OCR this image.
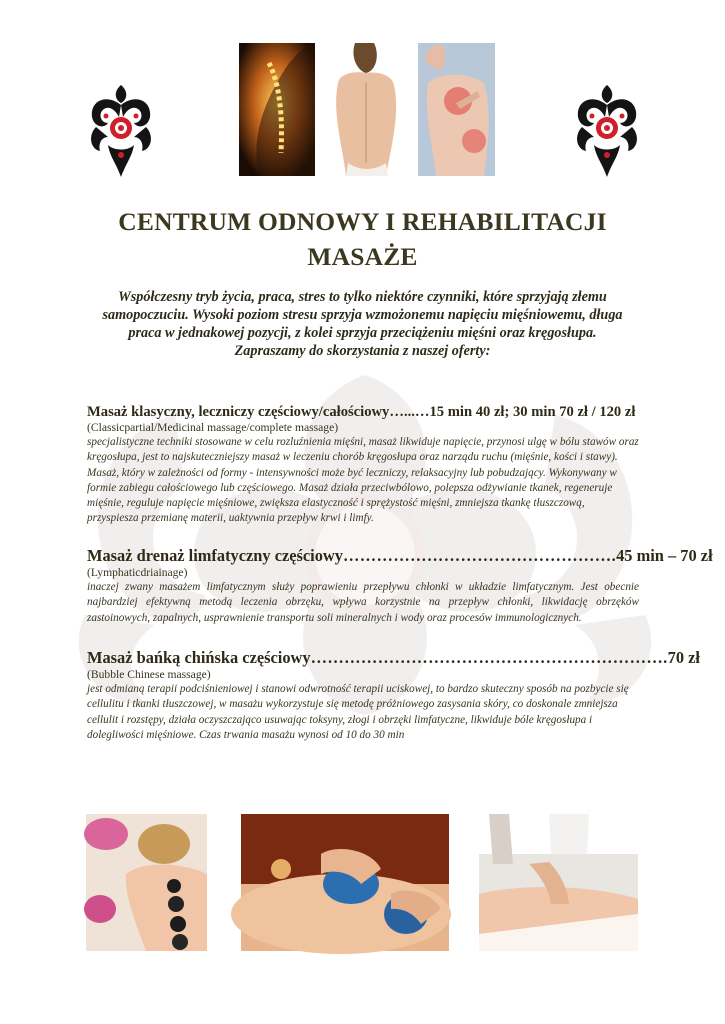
CENTRUM ODNOWY I REHABILITACJI
MASAŻE
Współczesny tryb życia, praca, stres to tylko niektóre czynniki, które sprzyjają złemu samopoczuciu. Wysoki poziom stresu sprzyja wzmożonemu napięciu mięśniowemu, długa praca w jednakowej pozycji, z kolei sprzyja przeciążeniu mięśni oraz kręgosłupa. Zapraszamy do skorzystania z naszej oferty:
Masaż klasyczny, leczniczy częściowy/całościowy …...… 15 min 40 zł; 30 min 70 zł / 120 zł
(Classicpartial/Medicinal massage/complete massage)
specjalistyczne techniki stosowane w celu rozluźnienia mięśni, masaż likwiduje napięcie, przynosi ulgę w bólu stawów oraz kręgosłupa, jest to najskuteczniejszy masaż w leczeniu chorób kręgosłupa oraz narządu ruchu (mięśnie, kości i stawy). Masaż, który w zależności od formy - intensywności może być leczniczy, relaksacyjny lub pobudzający. Wykonywany w formie zabiegu całościowego lub częściowego. Masaż działa przeciwbólowo, polepsza odżywianie tkanek, regeneruje mięśnie, reguluje napięcie mięśniowe, zwiększa elastyczność i sprężystość mięśni, zmniejsza tkankę tłuszczową, przyspiesza przemianę materii, uaktywnia przepływ krwi i limfy.
Masaż drenaż limfatyczny częściowy …………………………………………. 45 min – 70 zł
(Lymphaticdriainage)
inaczej zwany masażem limfatycznym służy poprawieniu przepływu chłonki w układzie limfatycznym. Jest obecnie najbardziej efektywną metodą leczenia obrzęku, wpływa korzystnie na przepływ chłonki, likwidację obrzęków zastoinowych, zapalnych, usprawnienie transportu soli mineralnych i wody oraz procesów immunologicznych.
Masaż bańką chińska częściowy ………………………………………………………. 70 zł
(Bubble Chinese massage)
jest odmianą terapii podciśnieniowej i stanowi odwrotność terapii uciskowej, to bardzo skuteczny sposób na pozbycie się cellulitu i tkanki tłuszczowej, w masażu wykorzystuje się metodę próżniowego zasysania skóry, co doskonale zmniejsza cellulit i rozstępy, działa oczyszczająco usuwając toksyny, złogi i obrzęki limfatyczne, likwiduje bóle kręgosłupa i dolegliwości mięśniowe. Czas trwania masażu wynosi od 10 do 30 min
